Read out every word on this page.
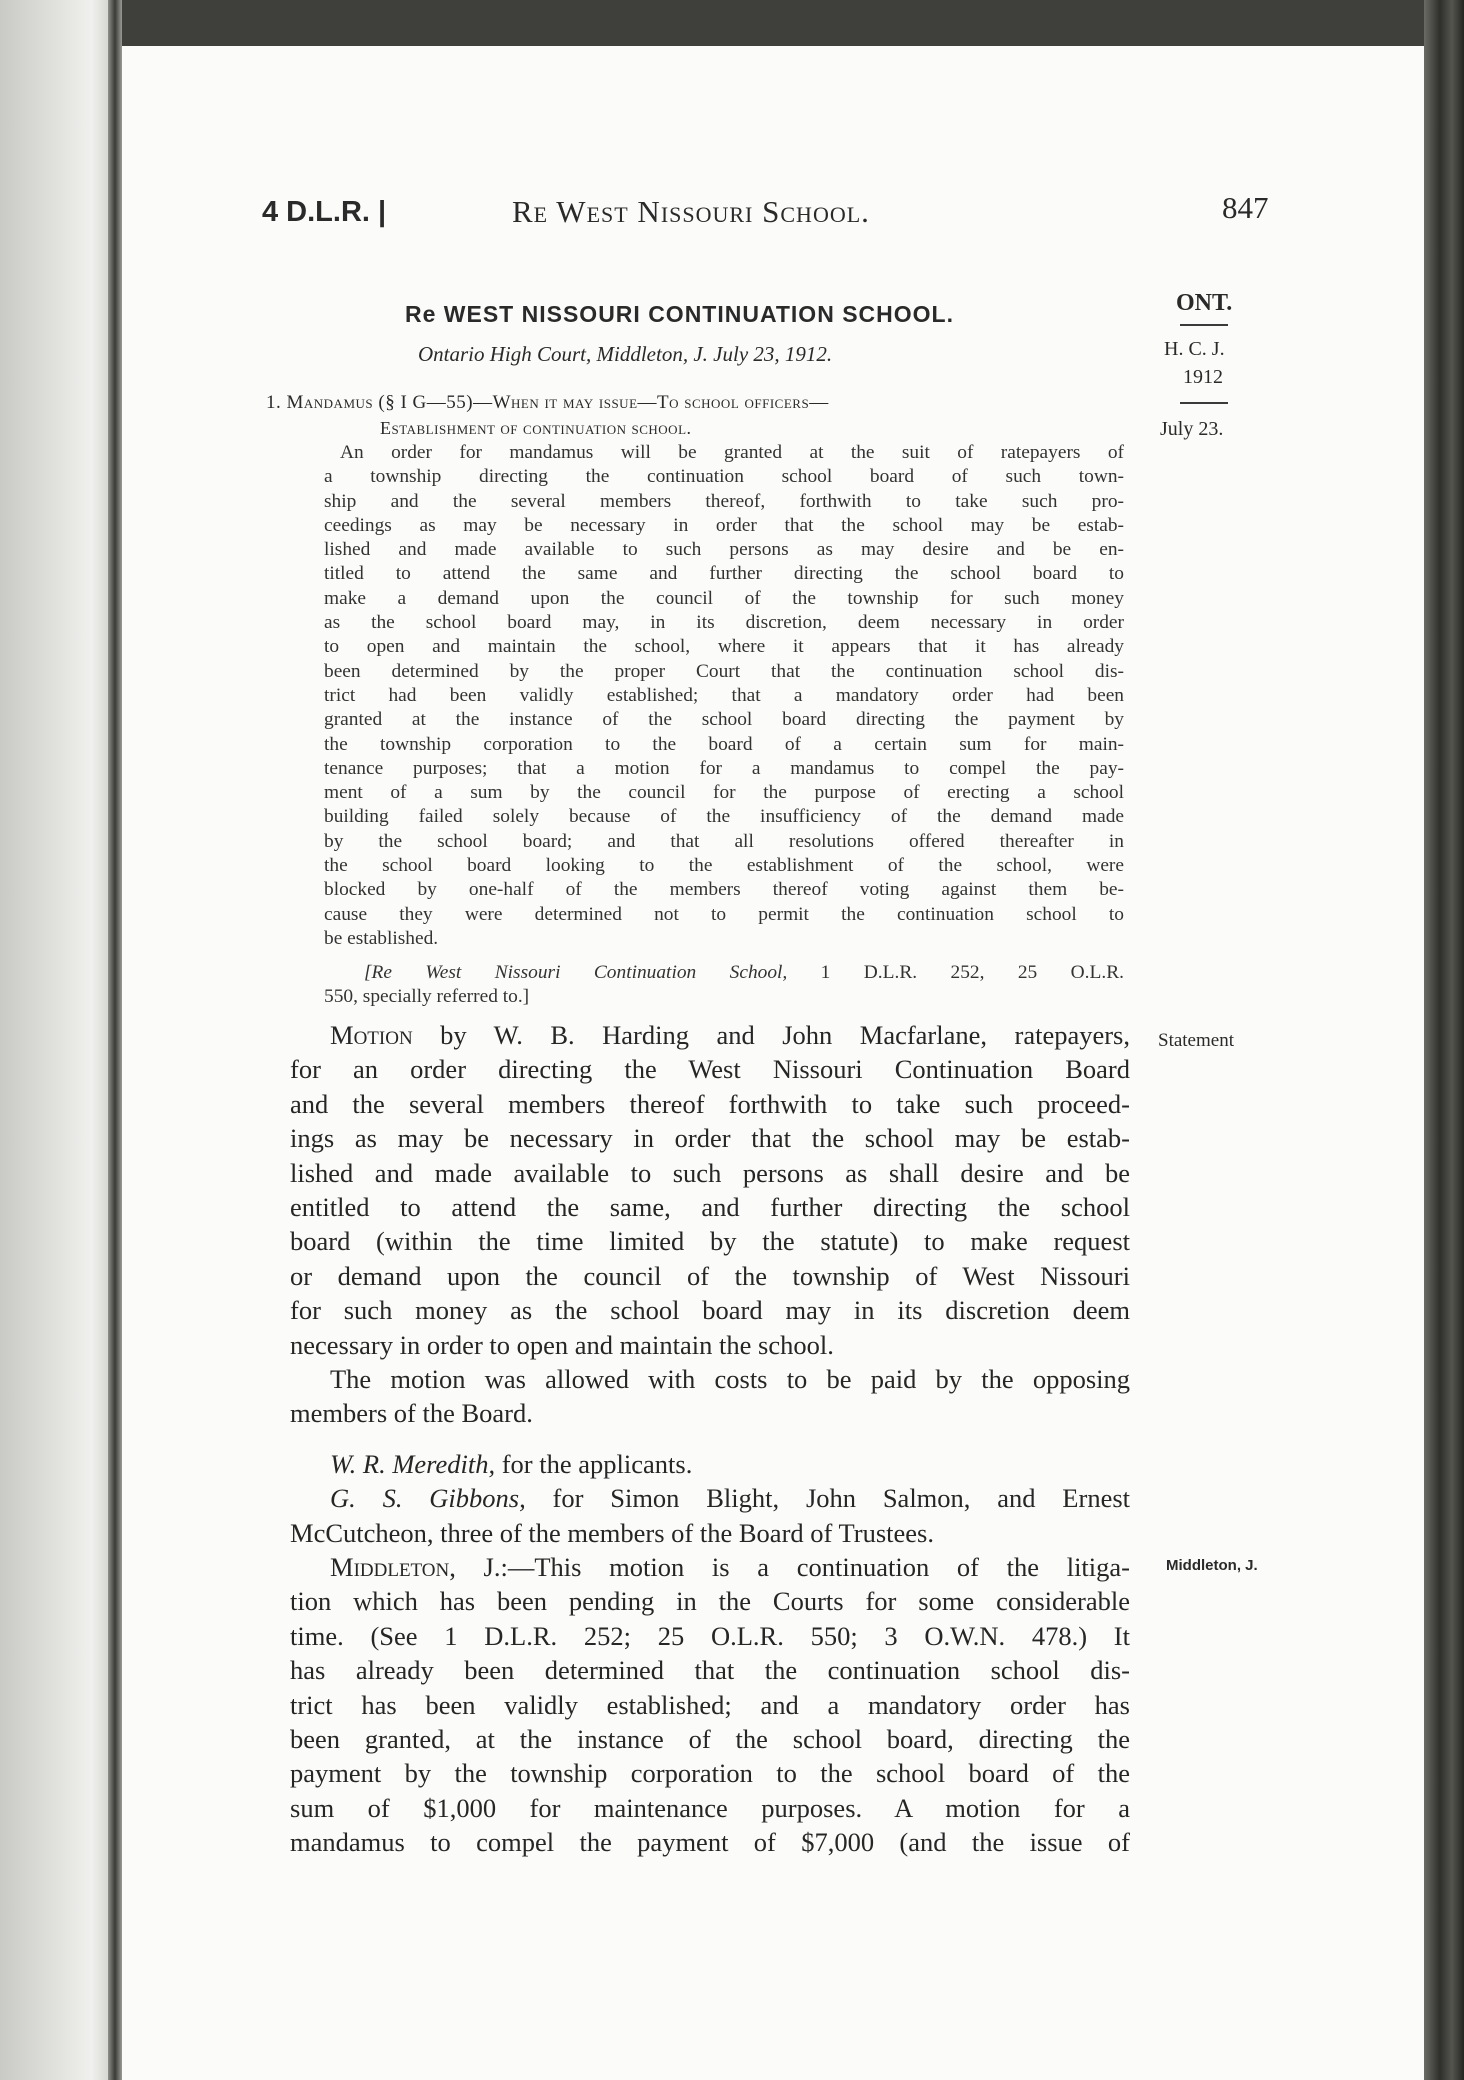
4 D.L.R. |	Re West Nissouri School.	847
Re WEST NISSOURI CONTINUATION SCHOOL.
Ontario High Court, Middleton, J. July 23, 1912.
ONT.
H. C. J.
1912
July 23.
Statement
Middleton, J.
1. Mandamus (§ I G—55)—When it may issue—To school officers—
Establishment of continuation school.
An order for mandamus will be granted at the suit of ratepayers of
a township directing the continuation school board of such town-
ship and the several members thereof, forthwith to take such pro-
ceedings as may be necessary in order that the school may be estab-
lished and made available to such persons as may desire and be en-
titled to attend the same and further directing the school board to
make a demand upon the council of the township for such money
as the school board may, in its discretion, deem necessary in order
to open and maintain the school, where it appears that it has already
been determined by the proper Court that the continuation school dis-
trict had been validly established; that a mandatory order had been
granted at the instance of the school board directing the payment by
the township corporation to the board of a certain sum for main-
tenance purposes; that a motion for a mandamus to compel the pay-
ment of a sum by the council for the purpose of erecting a school
building failed solely because of the insufficiency of the demand made
by the school board; and that all resolutions offered thereafter in
the school board looking to the establishment of the school, were
blocked by one-half of the members thereof voting against them be-
cause they were determined not to permit the continuation school to
be established.
[Re West Nissouri Continuation School, 1 D.L.R. 252, 25 O.L.R.
550, specially referred to.]
Motion by W. B. Harding and John Macfarlane, ratepayers,
for an order directing the West Nissouri Continuation Board
and the several members thereof forthwith to take such proceed-
ings as may be necessary in order that the school may be estab-
lished and made available to such persons as shall desire and be
entitled to attend the same, and further directing the school
board (within the time limited by the statute) to make request
or demand upon the council of the township of West Nissouri
for such money as the school board may in its discretion deem
necessary in order to open and maintain the school.
The motion was allowed with costs to be paid by the opposing
members of the Board.
W. R. Meredith, for the applicants.
G. S. Gibbons, for Simon Blight, John Salmon, and Ernest
McCutcheon, three of the members of the Board of Trustees.
Middleton, J.:—This motion is a continuation of the litiga-
tion which has been pending in the Courts for some considerable
time. (See 1 D.L.R. 252; 25 O.L.R. 550; 3 O.W.N. 478.) It
has already been determined that the continuation school dis-
trict has been validly established; and a mandatory order has
been granted, at the instance of the school board, directing the
payment by the township corporation to the school board of the
sum of $1,000 for maintenance purposes. A motion for a
mandamus to compel the payment of $7,000 (and the issue of
